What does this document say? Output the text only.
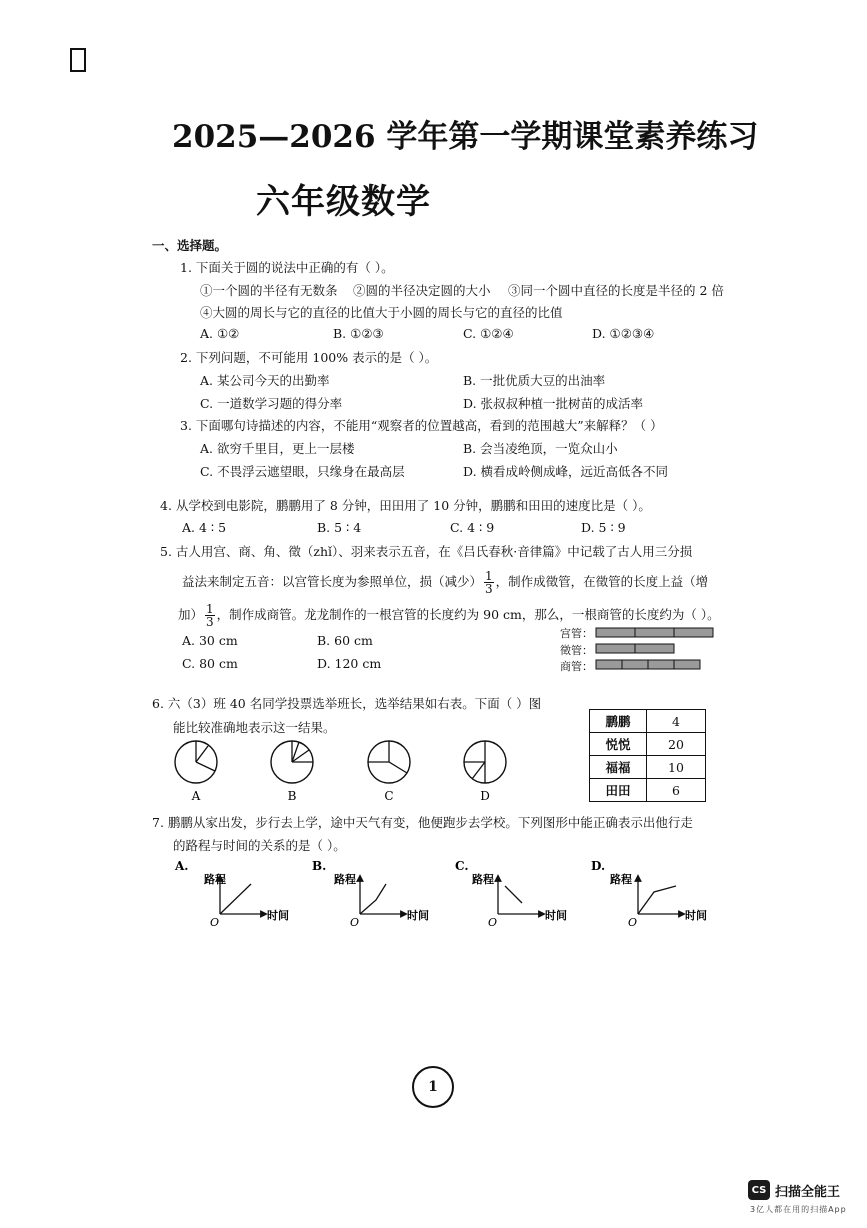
2025—2026 学年第一学期课堂素养练习
六年级数学
一、选择题。
1. 下面关于圆的说法中正确的有（ ）。
①一个圆的半径有无数条 ②圆的半径决定圆的大小 ③同一个圆中直径的长度是半径的 2 倍
④大圆的周长与它的直径的比值大于小圆的周长与它的直径的比值
A. ①②	B. ①②③	C. ①②④	D. ①②③④
2. 下列问题，不可能用 100% 表示的是（ ）。
A. 某公司今天的出勤率	B. 一批优质大豆的出油率
C. 一道数学习题的得分率	D. 张叔叔种植一批树苗的成活率
3. 下面哪句诗描述的内容，不能用“观察者的位置越高，看到的范围越大”来解释？（ ）
A. 欲穷千里目，更上一层楼	B. 会当凌绝顶，一览众山小
C. 不畏浮云遮望眼，只缘身在最高层	D. 横看成岭侧成峰，远近高低各不同
4. 从学校到电影院，鹏鹏用了 8 分钟，田田用了 10 分钟，鹏鹏和田田的速度比是（ ）。
A. 4 ∶ 5	B. 5 ∶ 4	C. 4 ∶ 9	D. 5 ∶ 9
5. 古人用宫、商、角、徵（zhǐ）、羽来表示五音，在《吕氏春秋·音律篇》中记载了古人用三分损
益法来制定五音：以宫管长度为参照单位，损（减少） $\frac{1}{3}$ ，制作成徵管，在徵管的长度上益（增
加） $\frac{1}{3}$ ，制作成商管。龙龙制作的一根宫管的长度约为 90 cm，那么，一根商管的长度约为（ ）。
A. 30 cm	B. 60 cm
C. 80 cm	D. 120 cm
宫管：
徵管：
商管：
6. 六（3）班 40 名同学投票选举班长，选举结果如右表。下面（ ）图
能比较准确地表示这一结果。
A	B	C	D
鹏鹏	4
悦悦	20
福福	10
田田	6
7. 鹏鹏从家出发，步行去上学，途中天气有变，他便跑步去学校。下列图形中能正确表示出他行走
的路程与时间的关系的是（ ）。
A.
路程
O
时间
B.
路程
O
时间
C.
路程
O
时间
D.
路程
O
时间
1
CS 扫描全能王
3亿人都在用的扫描App
